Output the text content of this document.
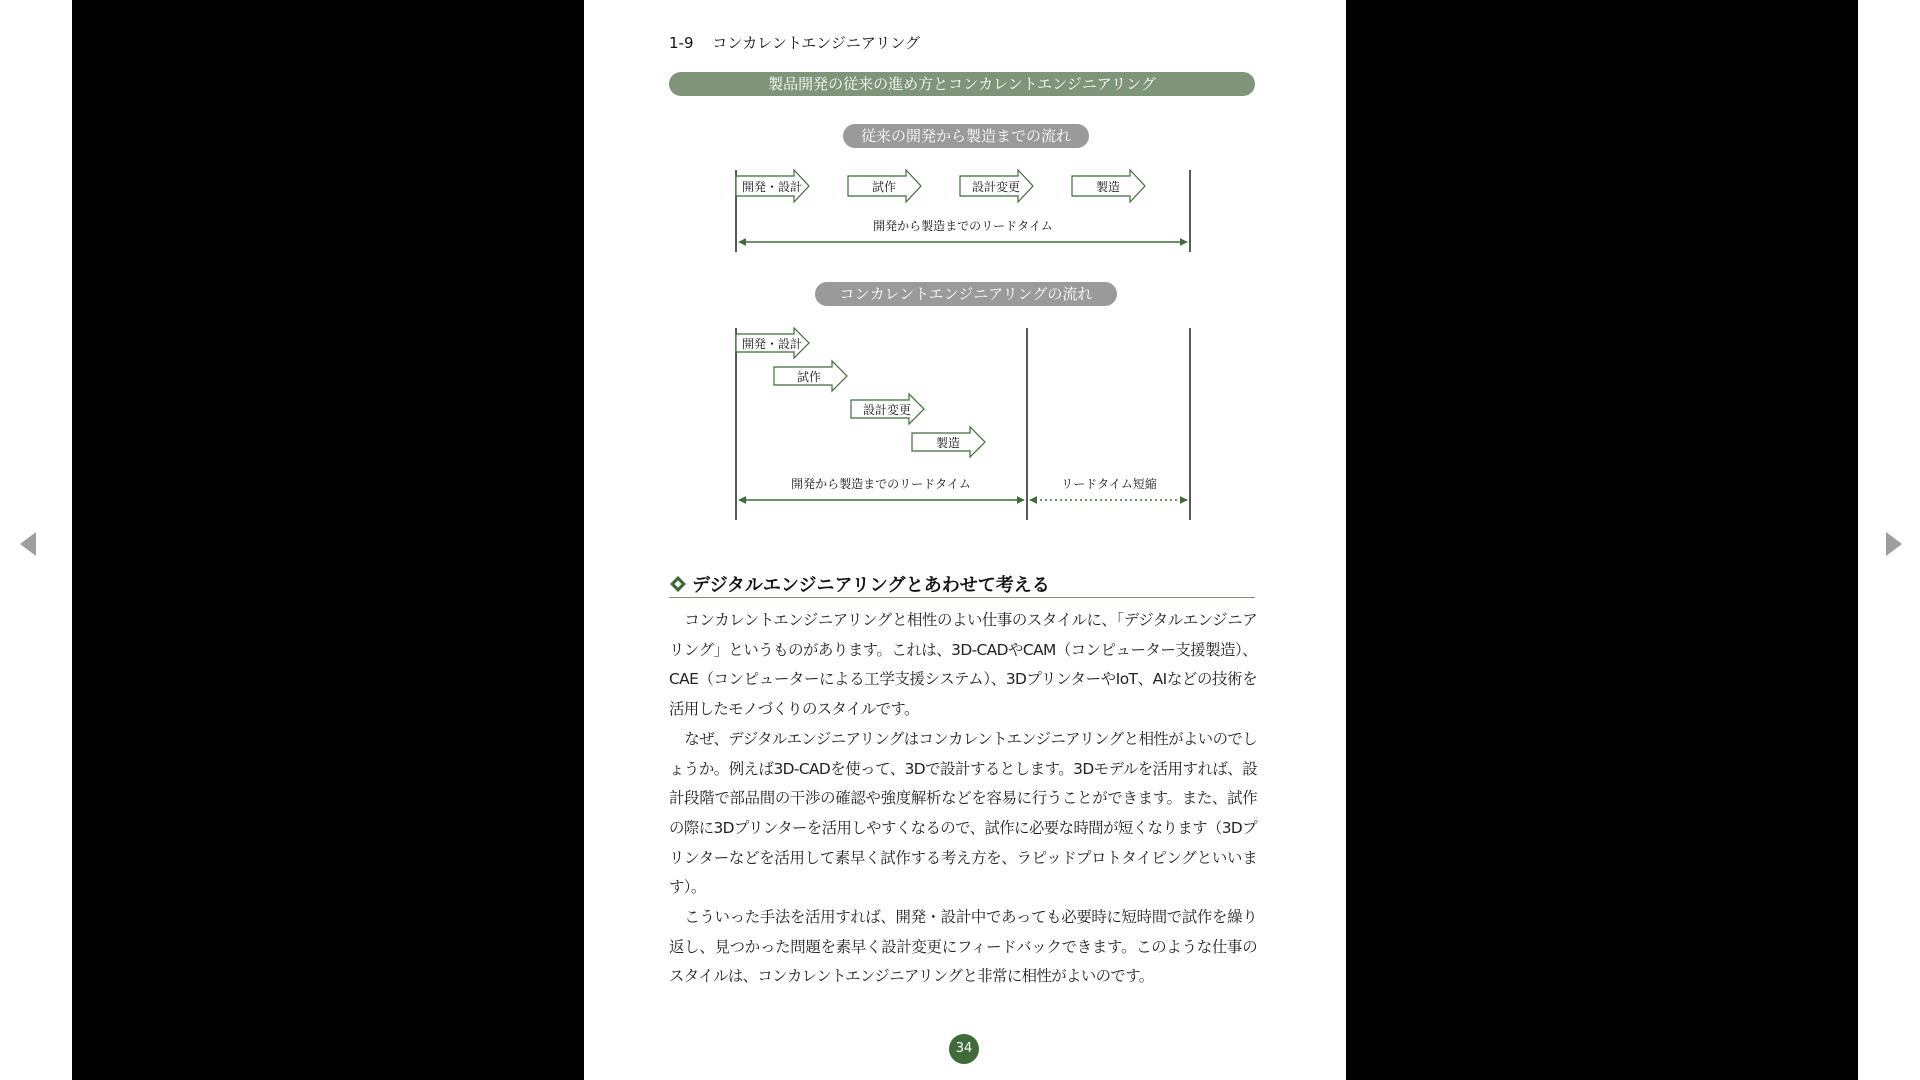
1-9 コンカレントエンジニアリング
製品開発の従来の進め方とコンカレントエンジニアリング
従来の開発から製造までの流れ
コンカレントエンジニアリングの流れ
開発・設計	試作	設計変更	製造
開発から製造までのリードタイム
開発・設計
試作
設計変更
製造
開発から製造までのリードタイム	リードタイム短縮
デジタルエンジニアリングとあわせて考える

コンカレントエンジニアリングと相性のよい仕事のスタイルに、「デジタルエンジニアリング」というものがあります。これは、3D-CADやCAM（コンピューター支援製造）、CAE（コンピューターによる工学支援システム）、3DプリンターやIoT、AIなどの技術を活用したモノづくりのスタイルです。

なぜ、デジタルエンジニアリングはコンカレントエンジニアリングと相性がよいのでしょうか。例えば3D-CADを使って、3Dで設計するとします。3Dモデルを活用すれば、設計段階で部品間の干渉の確認や強度解析などを容易に行うことができます。また、試作の際に3Dプリンターを活用しやすくなるので、試作に必要な時間が短くなります（3Dプリンターなどを活用して素早く試作する考え方を、ラピッドプロトタイピングといいます）。

こういった手法を活用すれば、開発・設計中であっても必要時に短時間で試作を繰り返し、見つかった問題を素早く設計変更にフィードバックできます。このような仕事のスタイルは、コンカレントエンジニアリングと非常に相性がよいのです。

34
